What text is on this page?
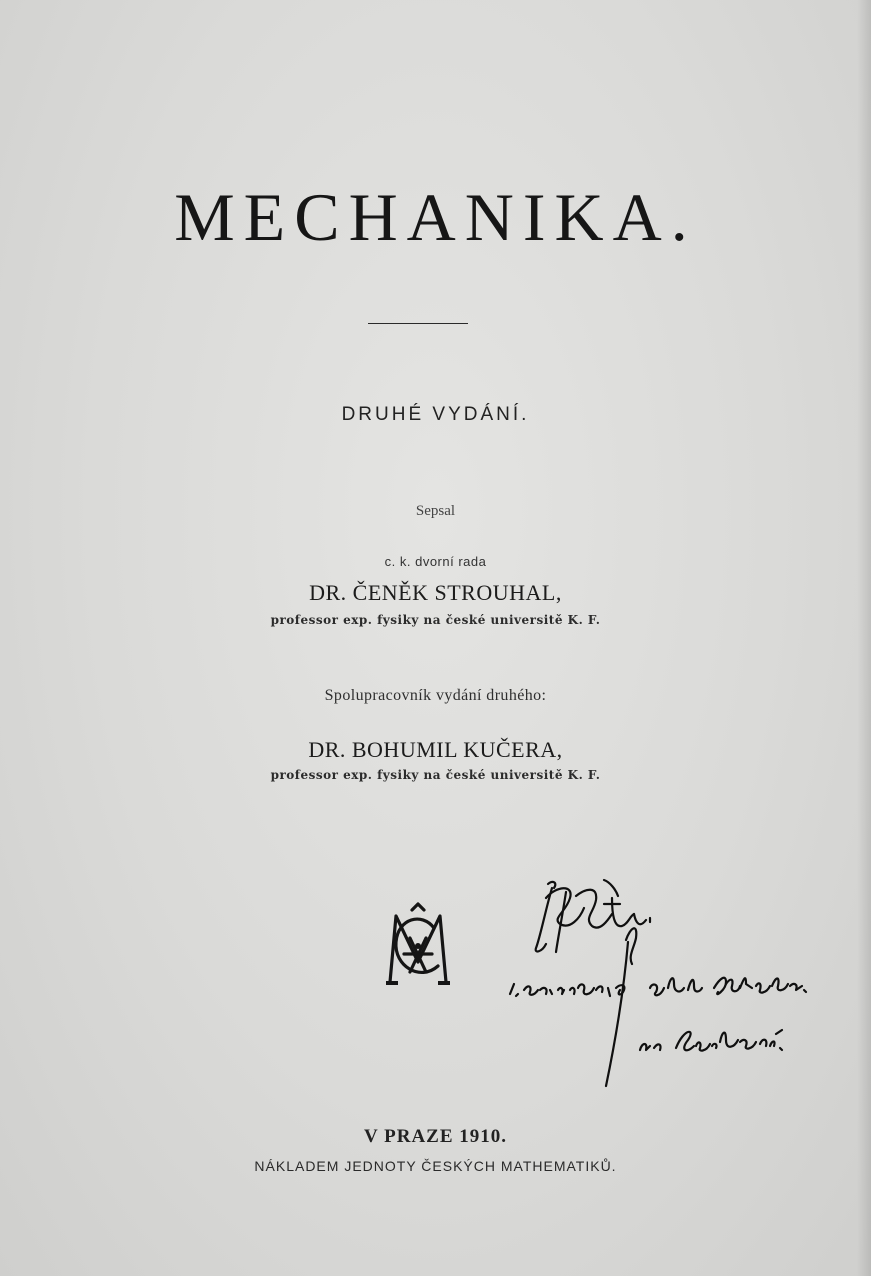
MECHANIKA.
DRUHÉ VYDÁNÍ.
Sepsal
c. k. dvorní rada
DR. ČENĚK STROUHAL,
professor exp. fysiky na české universitě K. F.
Spolupracovník vydání druhého:
DR. BOHUMIL KUČERA,
professor exp. fysiky na české universitě K. F.
V PRAZE 1910.
NÁKLADEM JEDNOTY ČESKÝCH MATHEMATIKŮ.
